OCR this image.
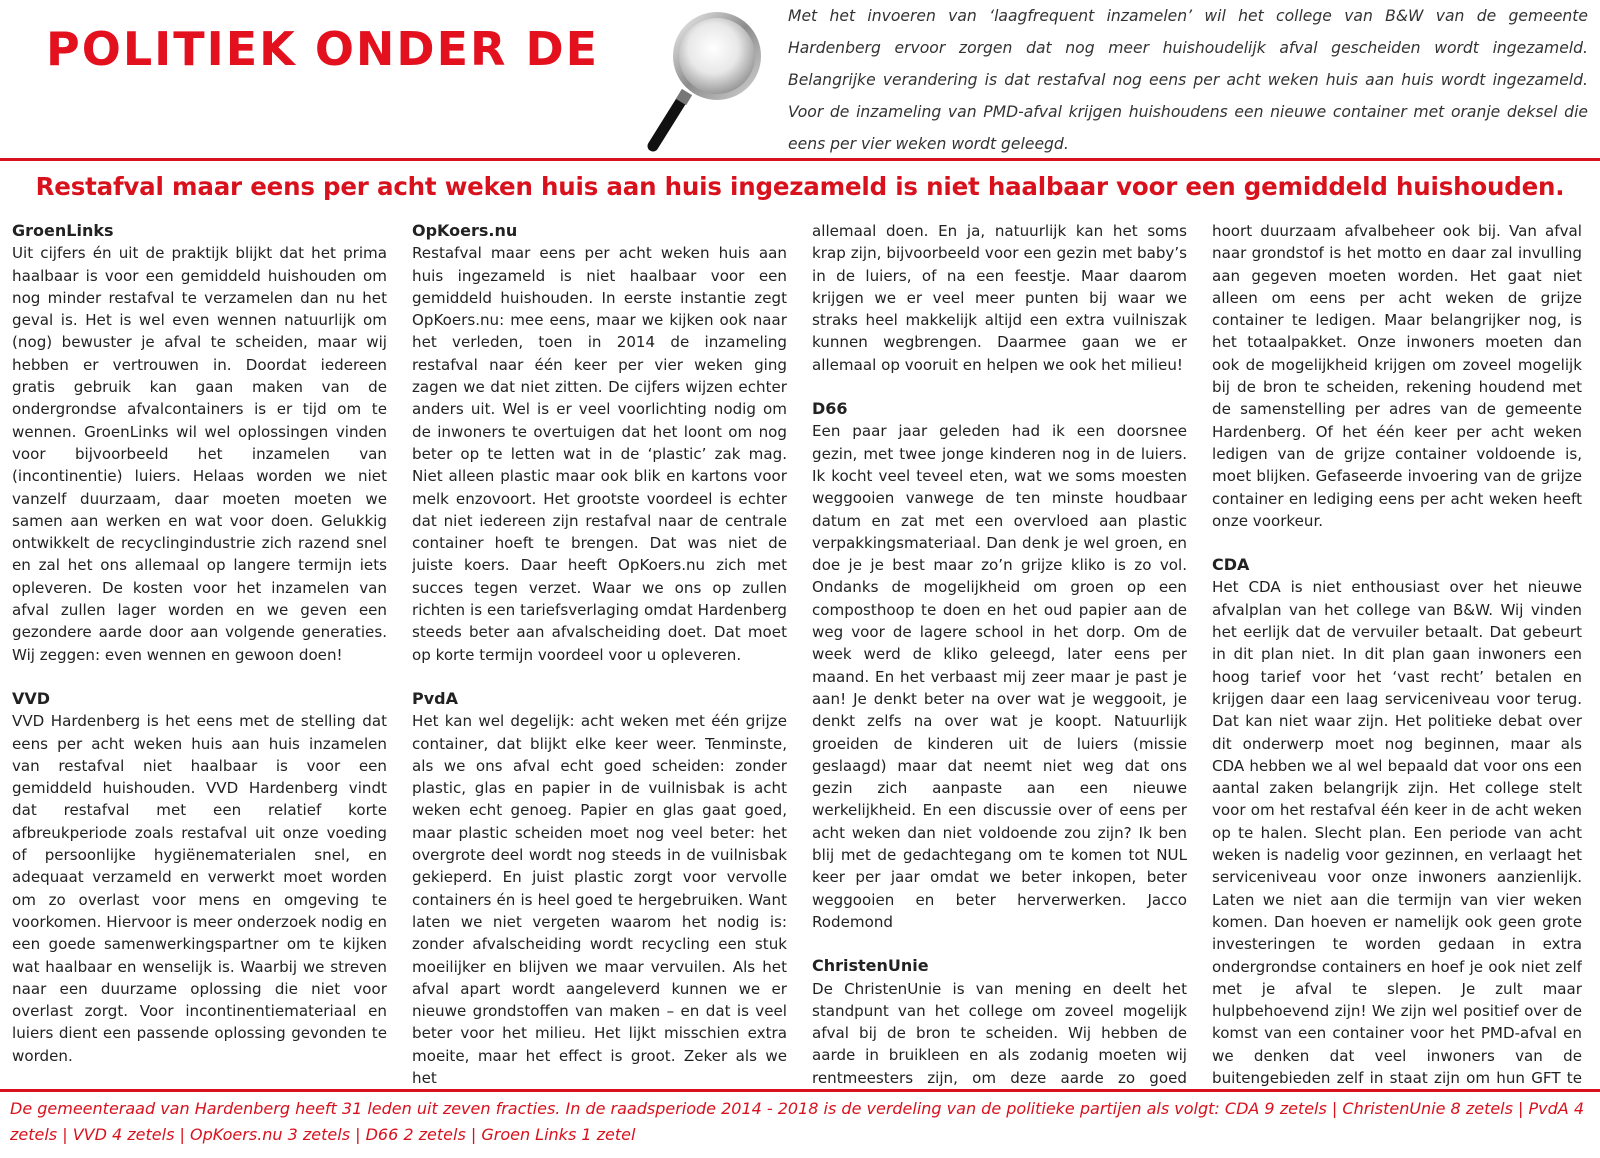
POLITIEK ONDER DE
Met het invoeren van ‘laagfrequent inzamelen’ wil het college van B&W van de gemeente Hardenberg ervoor zorgen dat nog meer huishoudelijk afval gescheiden wordt ingezameld. Belangrijke verandering is dat restafval nog eens per acht weken huis aan huis wordt ingezameld. Voor de inzameling van PMD-afval krijgen huishoudens een nieuwe container met oranje deksel die eens per vier weken wordt geleegd.
Restafval maar eens per acht weken huis aan huis ingezameld is niet haalbaar voor een gemiddeld huishouden.
GroenLinks

Uit cijfers én uit de praktijk blijkt dat het prima haalbaar is voor een gemiddeld huishouden om nog minder restafval te verzamelen dan nu het geval is. Het is wel even wennen natuurlijk om (nog) bewuster je afval te scheiden, maar wij hebben er vertrouwen in. Doordat iedereen gratis gebruik kan gaan maken van de ondergrondse afvalcontainers is er tijd om te wennen. GroenLinks wil wel oplossingen vinden voor bijvoorbeeld het inzamelen van (incontinentie) luiers. Helaas worden we niet vanzelf duurzaam, daar moeten moeten we samen aan werken en wat voor doen. Gelukkig ontwikkelt de recyclingindustrie zich razend snel en zal het ons allemaal op langere termijn iets opleveren. De kosten voor het inzamelen van afval zullen lager worden en we geven een gezondere aarde door aan volgende generaties. Wij zeggen: even wennen en gewoon doen!

VVD

VVD Hardenberg is het eens met de stelling dat eens per acht weken huis aan huis inzamelen van restafval niet haalbaar is voor een gemiddeld huishouden. VVD Hardenberg vindt dat restafval met een relatief korte afbreukperiode zoals restafval uit onze voeding of persoonlijke hygiënematerialen snel, en adequaat verzameld en verwerkt moet worden om zo overlast voor mens en omgeving te voorkomen. Hiervoor is meer onderzoek nodig en een goede samenwerkingspartner om te kijken wat haalbaar en wenselijk is. Waarbij we streven naar een duurzame oplossing die niet voor overlast zorgt. Voor incontinentiemateriaal en luiers dient een passende oplossing gevonden te worden.

OpKoers.nu

Restafval maar eens per acht weken huis aan huis ingezameld is niet haalbaar voor een gemiddeld huishouden. In eerste instantie zegt OpKoers.nu: mee eens, maar we kijken ook naar het verleden, toen in 2014 de inzameling restafval naar één keer per vier weken ging zagen we dat niet zitten. De cijfers wijzen echter anders uit. Wel is er veel voorlichting nodig om de inwoners te overtuigen dat het loont om nog beter op te letten wat in de ‘plastic’ zak mag. Niet alleen plastic maar ook blik en kartons voor melk enzovoort. Het grootste voordeel is echter dat niet iedereen zijn restafval naar de centrale container hoeft te brengen. Dat was niet de juiste koers. Daar heeft OpKoers.nu zich met succes tegen verzet. Waar we ons op zullen richten is een tariefsverlaging omdat Hardenberg steeds beter aan afvalscheiding doet. Dat moet op korte termijn voordeel voor u opleveren.

PvdA

Het kan wel degelijk: acht weken met één grijze container, dat blijkt elke keer weer. Tenminste, als we ons afval echt goed scheiden: zonder plastic, glas en papier in de vuilnisbak is acht weken echt genoeg. Papier en glas gaat goed, maar plastic scheiden moet nog veel beter: het overgrote deel wordt nog steeds in de vuilnisbak gekieperd. En juist plastic zorgt voor vervolle containers én is heel goed te hergebruiken. Want laten we niet vergeten waarom het nodig is: zonder afvalscheiding wordt recycling een stuk moeilijker en blijven we maar vervuilen. Als het afval apart wordt aangeleverd kunnen we er nieuwe grondstoffen van maken – en dat is veel beter voor het milieu. Het lijkt misschien extra moeite, maar het effect is groot. Zeker als we het

allemaal doen. En ja, natuurlijk kan het soms krap zijn, bijvoorbeeld voor een gezin met baby’s in de luiers, of na een feestje. Maar daarom krijgen we er veel meer punten bij waar we straks heel makkelijk altijd een extra vuilniszak kunnen wegbrengen. Daarmee gaan we er allemaal op vooruit en helpen we ook het milieu!

D66

Een paar jaar geleden had ik een doorsnee gezin, met twee jonge kinderen nog in de luiers. Ik kocht veel teveel eten, wat we soms moesten weggooien vanwege de ten minste houdbaar datum en zat met een overvloed aan plastic verpakkingsmateriaal. Dan denk je wel groen, en doe je je best maar zo’n grijze kliko is zo vol. Ondanks de mogelijkheid om groen op een composthoop te doen en het oud papier aan de weg voor de lagere school in het dorp. Om de week werd de kliko geleegd, later eens per maand. En het verbaast mij zeer maar je past je aan! Je denkt beter na over wat je weggooit, je denkt zelfs na over wat je koopt. Natuurlijk groeiden de kinderen uit de luiers (missie geslaagd) maar dat neemt niet weg dat ons gezin zich aanpaste aan een nieuwe werkelijkheid. En een discussie over of eens per acht weken dan niet voldoende zou zijn? Ik ben blij met de gedachtegang om te komen tot NUL keer per jaar omdat we beter inkopen, beter weggooien en beter herverwerken. Jacco Rodemond

ChristenUnie

De ChristenUnie is van mening en deelt het standpunt van het college om zoveel mogelijk afval bij de bron te scheiden. Wij hebben de aarde in bruikleen en als zodanig moeten wij rentmeesters zijn, om deze aarde zo goed

hoort duurzaam afvalbeheer ook bij. Van afval naar grondstof is het motto en daar zal invulling aan gegeven moeten worden. Het gaat niet alleen om eens per acht weken de grijze container te ledigen. Maar belangrijker nog, is het totaalpakket. Onze inwoners moeten dan ook de mogelijkheid krijgen om zoveel mogelijk bij de bron te scheiden, rekening houdend met de samenstelling per adres van de gemeente Hardenberg. Of het één keer per acht weken ledigen van de grijze container voldoende is, moet blijken. Gefaseerde invoering van de grijze container en lediging eens per acht weken heeft onze voorkeur.

CDA

Het CDA is niet enthousiast over het nieuwe afvalplan van het college van B&W. Wij vinden het eerlijk dat de vervuiler betaalt. Dat gebeurt in dit plan niet. In dit plan gaan inwoners een hoog tarief voor het ‘vast recht’ betalen en krijgen daar een laag serviceniveau voor terug. Dat kan niet waar zijn. Het politieke debat over dit onderwerp moet nog beginnen, maar als CDA hebben we al wel bepaald dat voor ons een aantal zaken belangrijk zijn. Het college stelt voor om het restafval één keer in de acht weken op te halen. Slecht plan. Een periode van acht weken is nadelig voor gezinnen, en verlaagt het serviceniveau voor onze inwoners aanzienlijk. Laten we niet aan die termijn van vier weken komen. Dan hoeven er namelijk ook geen grote investeringen te worden gedaan in extra ondergrondse containers en hoef je ook niet zelf met je afval te slepen. Je zult maar hulpbehoevend zijn! We zijn wel positief over de komst van een container voor het PMD-afval en we denken dat veel inwoners van de buitengebieden zelf in staat zijn om hun GFT te

De gemeenteraad van Hardenberg heeft 31 leden uit zeven fracties. In de raadsperiode 2014 - 2018 is de verdeling van de politieke partijen als volgt: CDA 9 zetels | ChristenUnie 8 zetels | PvdA 4 zetels | VVD 4 zetels | OpKoers.nu 3 zetels | D66 2 zetels | Groen Links 1 zetel
